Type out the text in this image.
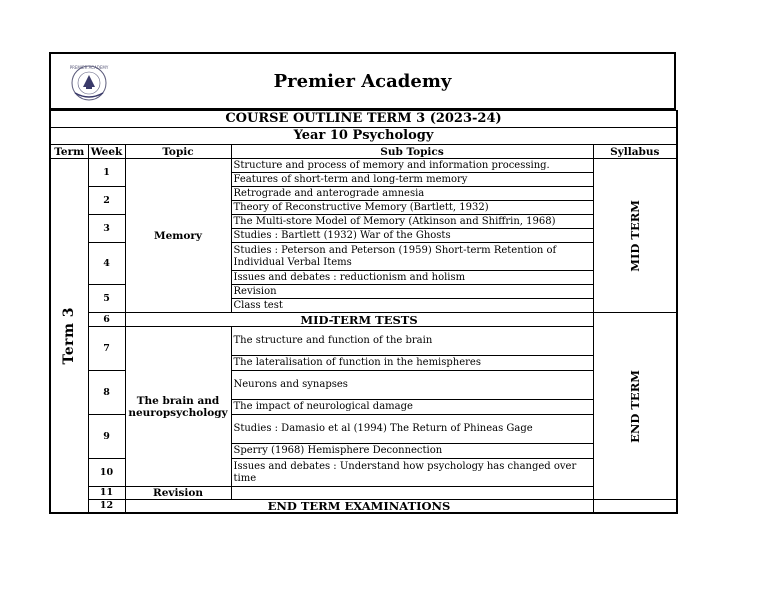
PREMIER ACADEMY
Premier Academy
COURSE OUTLINE TERM 3 (2023-24)				
Year 10 Psychology				
Term	Week	Topic	Sub Topics	Syllabus

Term 3	1	Memory	Structure and process of memory and information processing.	MID TERM

			Features of short-term and long-term memory	
	2		Retrograde and anterograde amnesia	
			Theory of Reconstructive Memory (Bartlett, 1932)	
	3		The Multi-store Model of Memory (Atkinson and Shiffrin, 1968)	
			Studies : Bartlett (1932) War of the Ghosts	
	4		Studies : Peterson and Peterson (1959) Short-term Retention of Individual Verbal Items	
			Issues and debates : reductionism and holism	
	5		Revision	
			Class test	
	6	MID-TERM TESTS		END TERM

	7	The brain and neuropsychology	The structure and function of the brain	
			The lateralisation of function in the hemispheres	
	8		Neurons and synapses	
			The impact of neurological damage	
	9		Studies : Damasio et al (1994) The Return of Phineas Gage	
			Sperry (1968) Hemisphere Deconnection	
	10		Issues and debates : Understand how psychology has changed over time	
	11	Revision		
	12	END TERM EXAMINATIONS		
